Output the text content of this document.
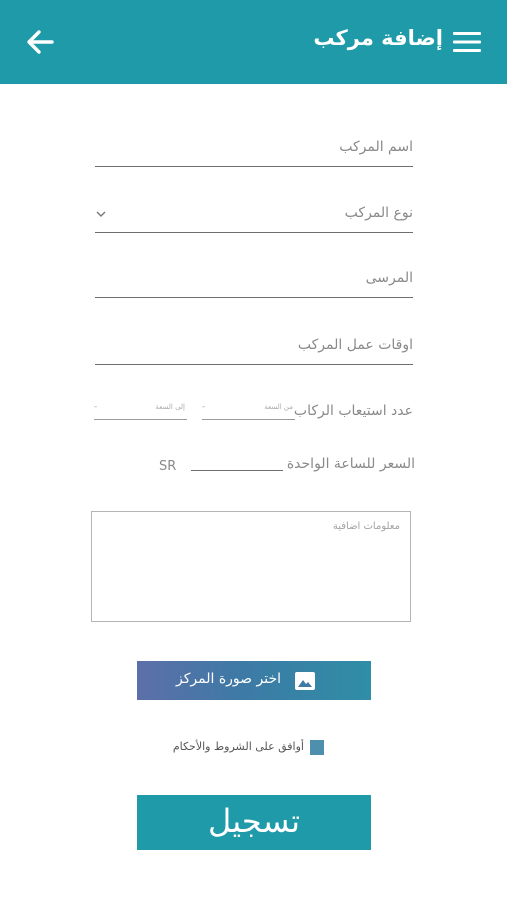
إضافة مركب
اسم المركب
نوع المركب
المرسى
اوقات عمل المركب
عدد استيعاب الركاب
من السعة
-
إلى السعة
-
السعر للساعة الواحدة
SR
معلومات اضافية
اختر صورة المركز
أوافق على الشروط والأحكام
تسجيل
